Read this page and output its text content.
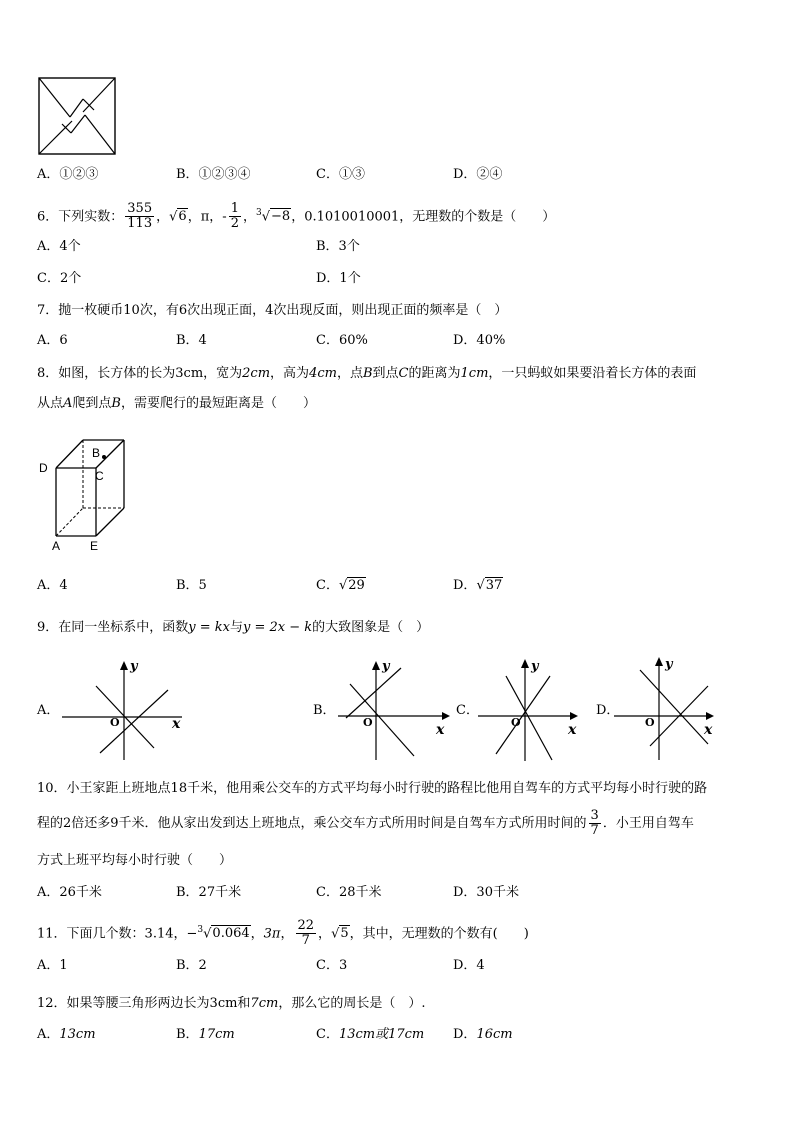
A．①②③	B．①②③④	C．①③	D．②④
6．下列实数： $\frac{355}{113}$ ，√6，π，- $\frac{1}{2}$ ，$^3$√−8，0.1010010001，无理数的个数是（　　）
A．4个	B．3个
C．2个	D．1个
7．抛一枚硬币10次，有6次出现正面，4次出现反面，则出现正面的频率是（　）
A．6	B．4	C．60%	D．40%
8．如图，长方体的长为3cm，宽为2cm，高为4cm，点B到点C的距离为1cm，一只蚂蚁如果要沿着长方体的表面
从点A爬到点B，需要爬行的最短距离是（　　）
D
B
C
A E
A．4	B．5	C．√29	D．√37
9．在同一坐标系中，函数y = kx与y = 2x − k的大致图象是（　）
A．
y
x
O
B．
y
x
O
C．
y
x
O
D．
y
x
O
10．小王家距上班地点18千米，他用乘公交车的方式平均每小时行驶的路程比他用自驾车的方式平均每小时行驶的路
程的2倍还多9千米．他从家出发到达上班地点，乘公交车方式所用时间是自驾车方式所用时间的 $\frac{3}{7}$ ．小王用自驾车
方式上班平均每小时行驶（　　）
A．26千米	B．27千米	C．28千米	D．30千米
11．下面几个数：3.14，−$^3$√0.064，3π， $\frac{22}{7}$ ，√5，其中，无理数的个数有(　　)
A．1	B．2	C．3	D．4
12．如果等腰三角形两边长为3cm和7cm，那么它的周长是（　）.
A．13cm	B．17cm	C．13cm或17cm D．16cm
